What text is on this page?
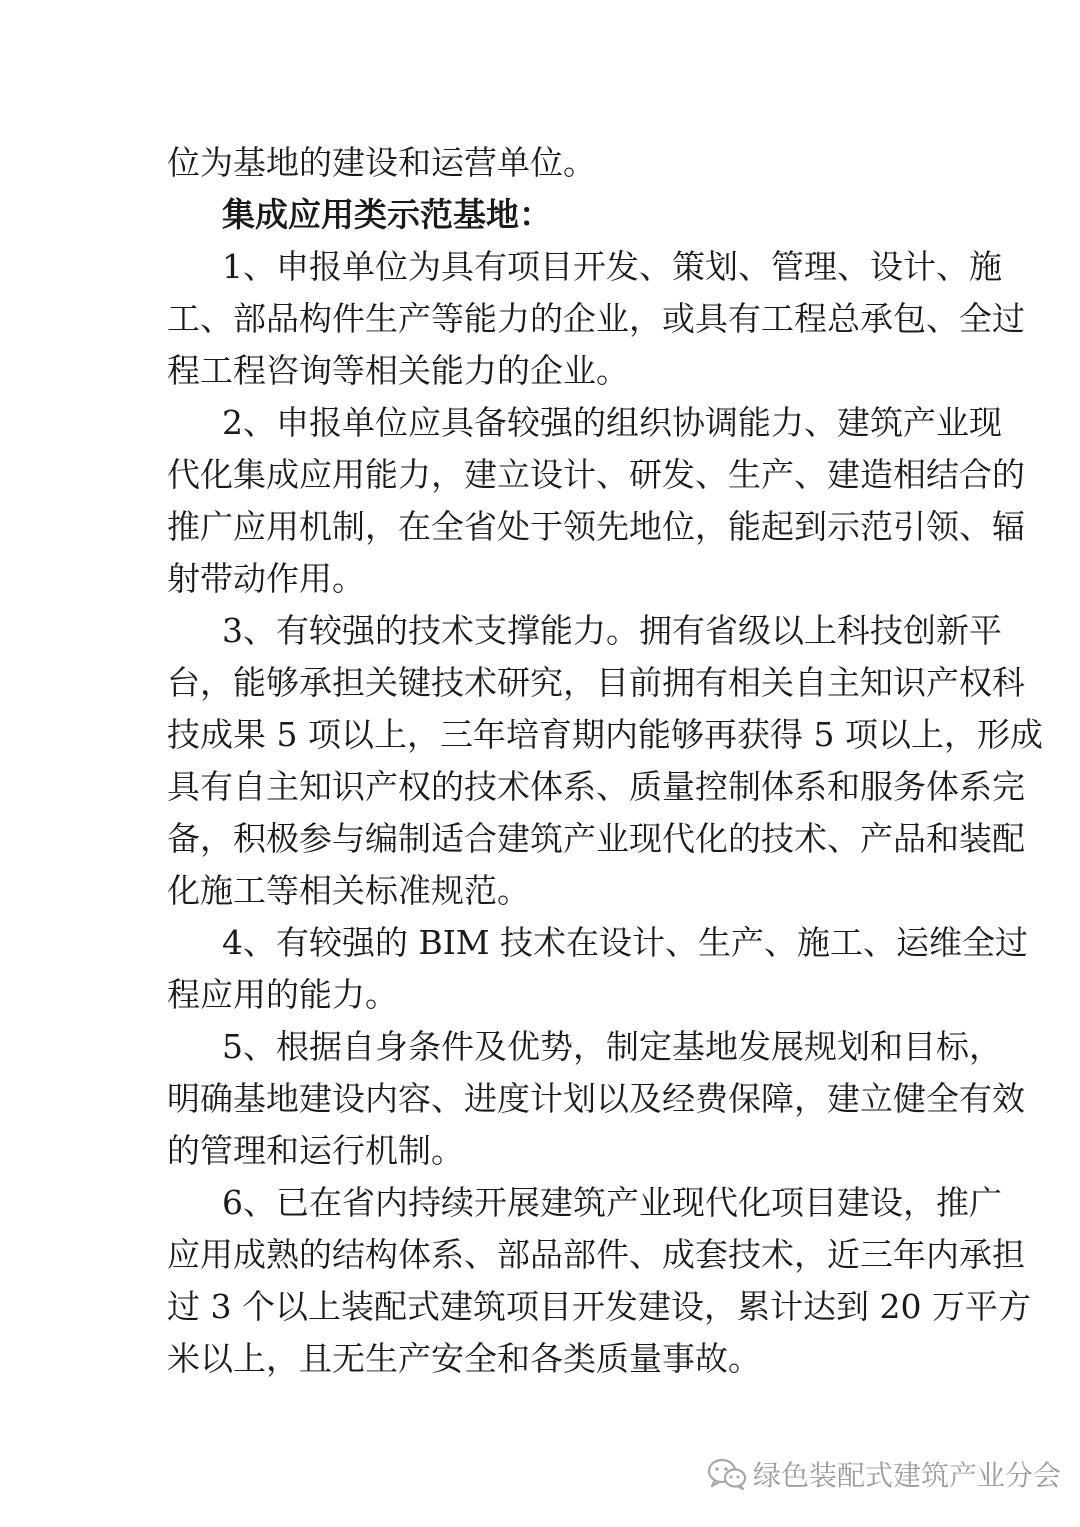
位为基地的建设和运营单位。
集成应用类示范基地：
1、申报单位为具有项目开发、策划、管理、设计、施
工、部品构件生产等能力的企业，或具有工程总承包、全过
程工程咨询等相关能力的企业。
2、申报单位应具备较强的组织协调能力、建筑产业现
代化集成应用能力，建立设计、研发、生产、建造相结合的
推广应用机制，在全省处于领先地位，能起到示范引领、辐
射带动作用。
3、有较强的技术支撑能力。拥有省级以上科技创新平
台，能够承担关键技术研究，目前拥有相关自主知识产权科
技成果 5 项以上，三年培育期内能够再获得 5 项以上，形成
具有自主知识产权的技术体系、质量控制体系和服务体系完
备，积极参与编制适合建筑产业现代化的技术、产品和装配
化施工等相关标准规范。
4、有较强的 BIM 技术在设计、生产、施工、运维全过
程应用的能力。
5、根据自身条件及优势，制定基地发展规划和目标，
明确基地建设内容、进度计划以及经费保障，建立健全有效
的管理和运行机制。
6、已在省内持续开展建筑产业现代化项目建设，推广
应用成熟的结构体系、部品部件、成套技术，近三年内承担
过 3 个以上装配式建筑项目开发建设，累计达到 20 万平方
米以上，且无生产安全和各类质量事故。
绿色装配式建筑产业分会
